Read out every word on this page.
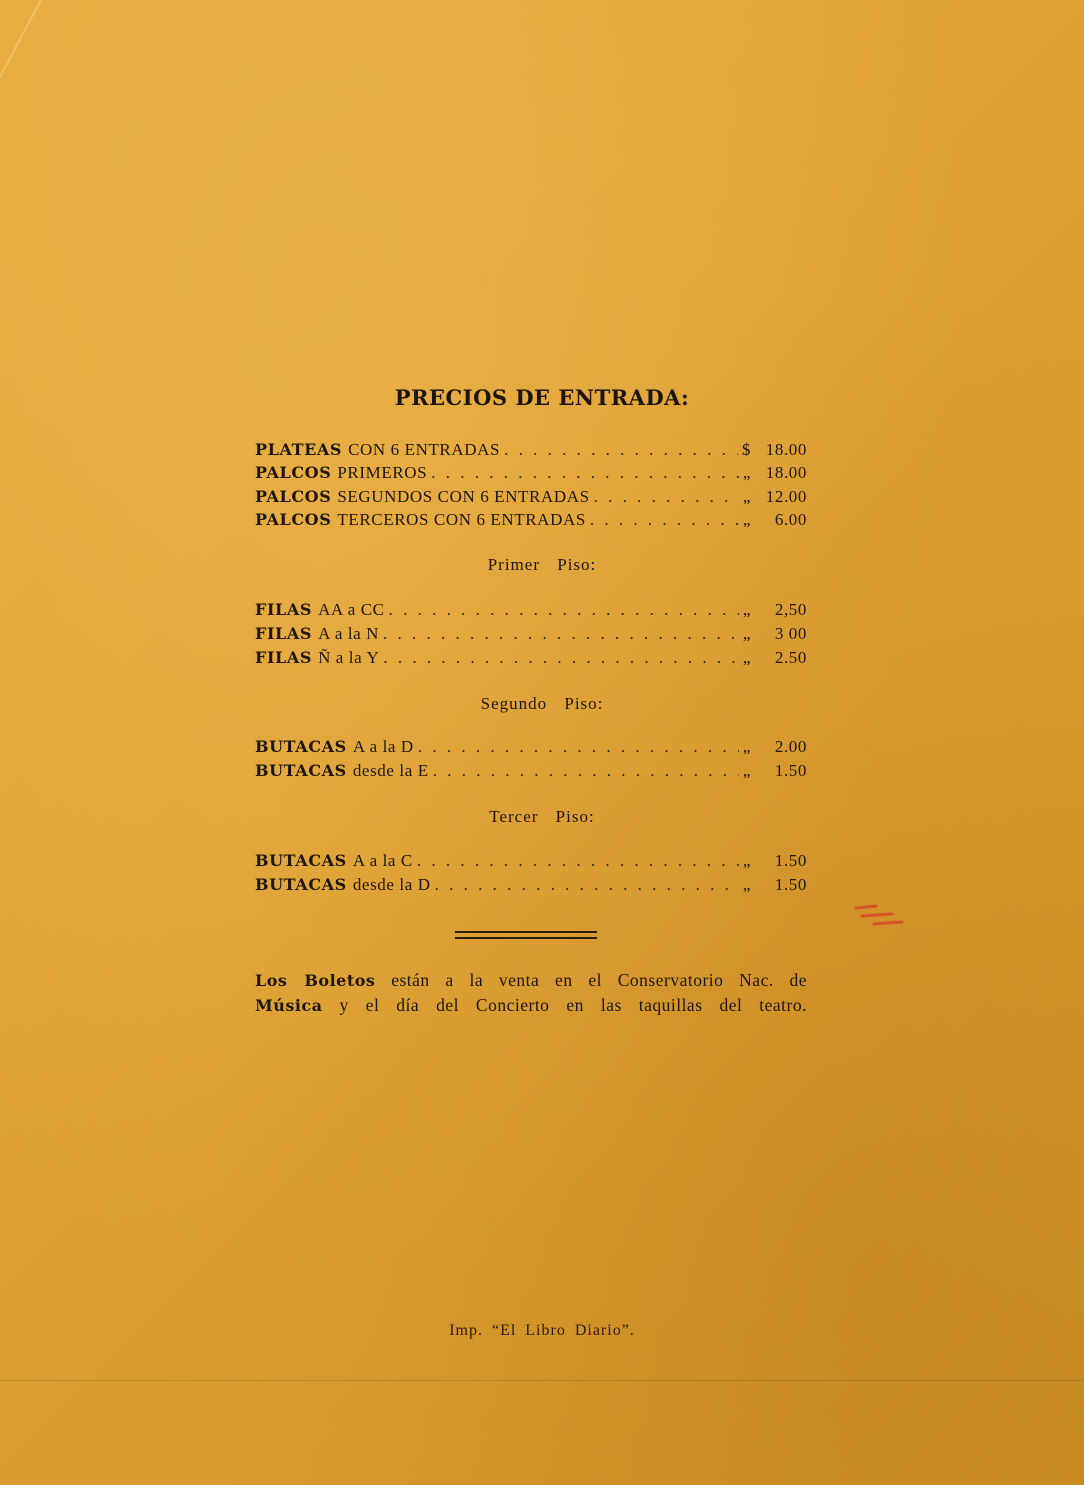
PRECIOS DE ENTRADA:
PLATEAS CON 6 ENTRADAS . . .	$ 18.00
PALCOS PRIMEROS . . .	„ 18.00
PALCOS SEGUNDOS CON 6 ENTRADAS . . .	„ 12.00
PALCOS TERCEROS CON 6 ENTRADAS . . .	„	6.00
Primer Piso:
FILAS AA a CC . . .	„	2,50
FILAS A a la N . . .	„	3 00
FILAS Ñ a la Y . . .	„	2.50
Segundo Piso:
BUTACAS A a la D . . .	„	2.00
BUTACAS desde la E . . .	„	1.50
Tercer Piso:
BUTACAS A a la C . . .	„	1.50
BUTACAS desde la D . . .	„	1.50
Los Boletos están a la venta en el Conservatorio Nac. de
Música y el día del Concierto en las taquillas del teatro.
Imp. “El Libro Diario”.
